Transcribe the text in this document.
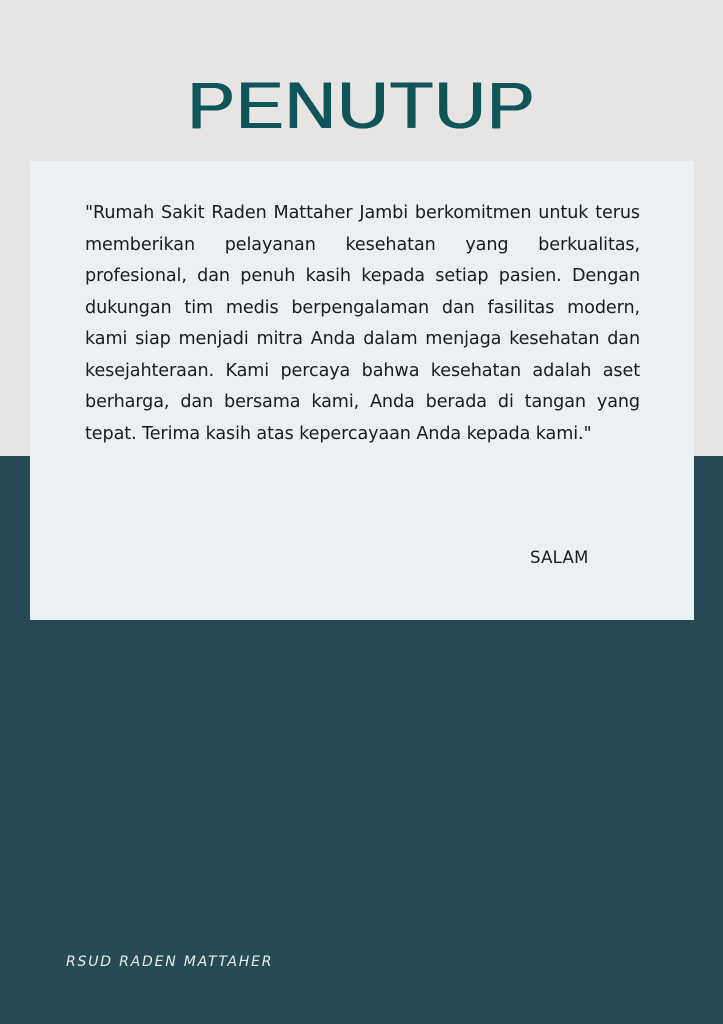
PENUTUP

"Rumah Sakit Raden Mattaher Jambi berkomitmen untuk terus memberikan pelayanan kesehatan yang berkualitas, profesional, dan penuh kasih kepada setiap pasien. Dengan dukungan tim medis berpengalaman dan fasilitas modern, kami siap menjadi mitra Anda dalam menjaga kesehatan dan kesejahteraan. Kami percaya bahwa kesehatan adalah aset berharga, dan bersama kami, Anda berada di tangan yang tepat. Terima kasih atas kepercayaan Anda kepada kami."

SALAM

RSUD RADEN MATTAHER
